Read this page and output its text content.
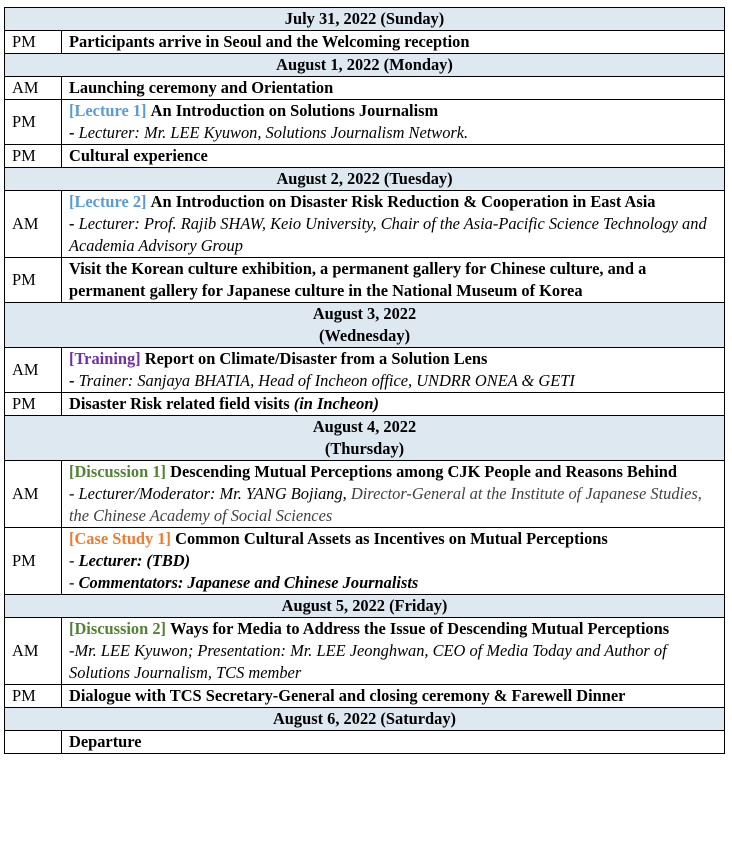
July 31, 2022 (Sunday)	
PM	Participants arrive in Seoul and the Welcoming reception
August 1, 2022 (Monday)	
AM	Launching ceremony and Orientation
PM	[Lecture 1] An Introduction on Solutions Journalism
- Lecturer: Mr. LEE Kyuwon, Solutions Journalism Network.

PM	Cultural experience
August 2, 2022 (Tuesday)	
AM	[Lecture 2] An Introduction on Disaster Risk Reduction & Cooperation in East Asia
- Lecturer: Prof. Rajib SHAW, Keio University, Chair of the Asia-Pacific Science Technology and Academia Advisory Group

PM	Visit the Korean culture exhibition, a permanent gallery for Chinese culture, and a permanent gallery for Japanese culture in the National Museum of Korea

August 3, 2022
(Wednesday)	

AM	[Training] Report on Climate/Disaster from a Solution Lens
- Trainer: Sanjaya BHATIA, Head of Incheon office, UNDRR ONEA & GETI

PM	Disaster Risk related field visits (in Incheon)

August 4, 2022
(Thursday)	

AM	[Discussion 1] Descending Mutual Perceptions among CJK People and Reasons Behind
- Lecturer/Moderator: Mr. YANG Bojiang, Director-General at the Institute of Japanese Studies, the Chinese Academy of Social Sciences

PM	[Case Study 1] Common Cultural Assets as Incentives on Mutual Perceptions
- Lecturer: (TBD)
- Commentators: Japanese and Chinese Journalists

August 5, 2022 (Friday)	
AM	[Discussion 2] Ways for Media to Address the Issue of Descending Mutual Perceptions
-Mr. LEE Kyuwon; Presentation: Mr. LEE Jeonghwan, CEO of Media Today and Author of Solutions Journalism, TCS member

PM	Dialogue with TCS Secretary-General and closing ceremony & Farewell Dinner
August 6, 2022 (Saturday)	
	Departure
